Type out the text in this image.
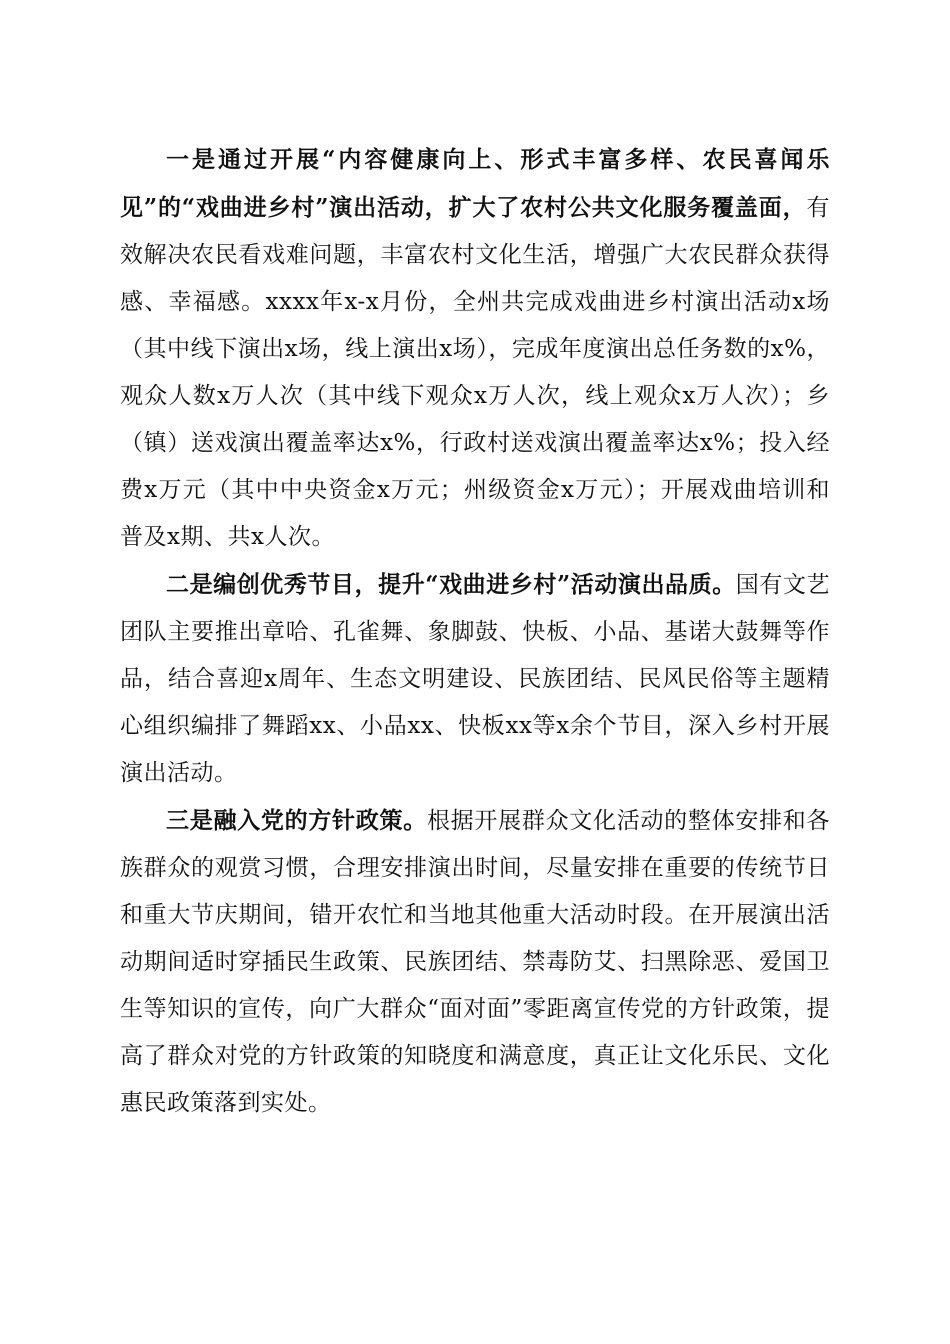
一是通过开展“内容健康向上、形式丰富多样、农民喜闻乐见”的“戏曲进乡村”演出活动，扩大了农村公共文化服务覆盖面，有效解决农民看戏难问题，丰富农村文化生活，增强广大农民群众获得感、幸福感。xxxx年x-x月份，全州共完成戏曲进乡村演出活动x场（其中线下演出x场，线上演出x场），完成年度演出总任务数的x%，观众人数x万人次（其中线下观众x万人次，线上观众x万人次）；乡（镇）送戏演出覆盖率达x%，行政村送戏演出覆盖率达x%；投入经费x万元（其中中央资金x万元；州级资金x万元）；开展戏曲培训和普及x期、共x人次。

二是编创优秀节目，提升“戏曲进乡村”活动演出品质。国有文艺团队主要推出章哈、孔雀舞、象脚鼓、快板、小品、基诺大鼓舞等作品，结合喜迎x周年、生态文明建设、民族团结、民风民俗等主题精心组织编排了舞蹈xx、小品xx、快板xx等x余个节目，深入乡村开展演出活动。

三是融入党的方针政策。根据开展群众文化活动的整体安排和各族群众的观赏习惯，合理安排演出时间，尽量安排在重要的传统节日和重大节庆期间，错开农忙和当地其他重大活动时段。在开展演出活动期间适时穿插民生政策、民族团结、禁毒防艾、扫黑除恶、爱国卫生等知识的宣传，向广大群众“面对面”零距离宣传党的方针政策，提高了群众对党的方针政策的知晓度和满意度，真正让文化乐民、文化惠民政策落到实处。
